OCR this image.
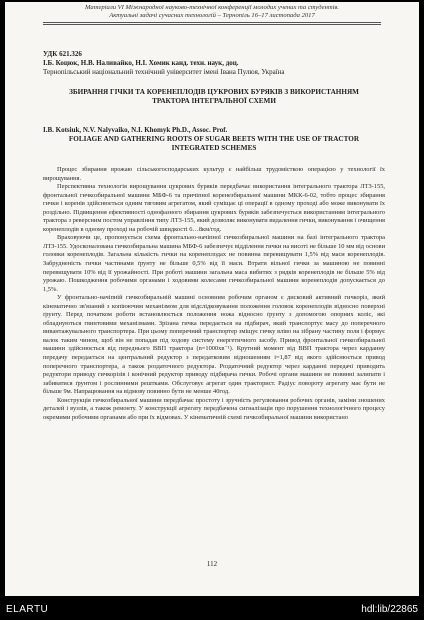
Матеріали VI Міжнародної науково-технічної конференції молодих учених та студентів.
Актуальні задачі сучасних технологій – Тернопіль 16–17 листопада 2017
УДК 621.326
І.Б. Коцюк, Н.В. Наливайко, Н.І. Хомик канд. техн. наук, доц.
Тернопільський національний технічний університет імені Івана Пулюя, Україна
ЗБИРАННЯ ГІЧКИ ТА КОРЕНЕПЛОДІВ ЦУКРОВИХ БУРЯКІВ З ВИКОРИСТАННЯМ ТРАКТОРА ІНТЕГРАЛЬНОЇ СХЕМИ
I.B. Kotsiuk, N.V. Nalyvaiko, N.I. Khomyk Ph.D., Assoc. Prof.
FOLIAGE AND GATHERING ROOTS OF SUGAR BEETS WITH THE USE OF TRACTOR INTEGRATED SCHEMES

Процес збирання врожаю сільськогосподарських культур є найбільш трудомісткою операцією у технології їх вирощування.

Перспективна технологія вирощування цукрових буряків передбачає використання інтегрального трактора ЛТЗ-155, фронтальної гичкозбиральної машини МБФ-6 та причіпної коренезбиральної машини МКК-6-02, тобто процес збирання гички і коренів здійснюється одним тяговим агрегатом, який суміщає ці операції в одному проході або може виконувати їх роздільно. Підвищення ефективності однофазного збирання цукрових буряків забезпечується використанням інтегрального трактора з реверсним постом управління типу ЛТЗ-155, який дозволяє виконувати видалення гички, виконування і очищення коренеплодів в одному проході на робочій швидкості 6…8км/год.

Враховуючи це, пропонується схема фронтально-начіпної гичкозбиральної машини на базі інтегрального трактора ЛТЗ-155. Удосконалована гичкозбиральна машина МБФ-6 забезпечує відділення гички на висоті не більше 10 мм від основи головки коренеплодів. Загальна кількість гички на коренеплодах не повинна перевищувати 1,5% від маси коренеплодів. Забрудненість гички частинами ґрунту не більше 0,5% від її маси. Втрати вільної гички за машиною не повинні перевищувати 10% від її урожайності. При роботі машини загальна маса вибитих з рядків коренеплодів не більше 5% від урожаю. Пошкодження робочими органами і ходовими колесами гичкозбиральної машини коренеплодів допускається до 1,5%.

У фронтально-начіпній гичкозбиральній машині основним робочим органом є дисковий активний гичкоріз, який кінематично зв'язаний з копіюючим механізмом для відслідковування положення головок коренеплодів відносно поверхні ґрунту. Перед початком роботи встановлюється положення ножа відносно ґрунту з допомогою опорних коліс, які обладнуються гвинтовими механізмами. Зрізана гичка передається на підбирач, який транспортує масу до поперечного вивантажувального транспортера. При цьому поперечний транспортер зміщує гичку вліво на зібрану частину поля і формує валок таким чином, щоб він не попадав під ходову систему енергетичного засобу. Привод фронтальної гичкозбиральної машини здійснюється від переднього ВВП трактора (n=1000хв⁻¹). Крутний момент від ВВП трактора через карданну передачу передається на центральний редуктор з передатковим відношенням і=1,87 від якого здійснюється привод поперечного транспортера, а також роздаточного редуктора. Роздаточний редуктор через карданні передачі приводить редуктори приводу гичкорізів і конічний редуктор приводу підбирача гички. Робочі органи машини не повинні залипати і забиватися ґрунтом і рослинними рештками. Обслуговує агрегат один тракторист. Радіус повороту агрегату має бути не більше 9м. Напрацювання на відмову повинно бути не менше 40год.

Конструкція гичкозбиральної машини передбачає простоту і зручність регулювання робочих органів, заміни зношених деталей і вузлів, а також ремонту. У конструкції агрегату передбачена сигналізація про порушення технологічного процесу окремими робочими органами або при їх відмовах. У кінематичній схемі гичкозбиральної машини використано

112
ELARTU	hdl:lib/22865
